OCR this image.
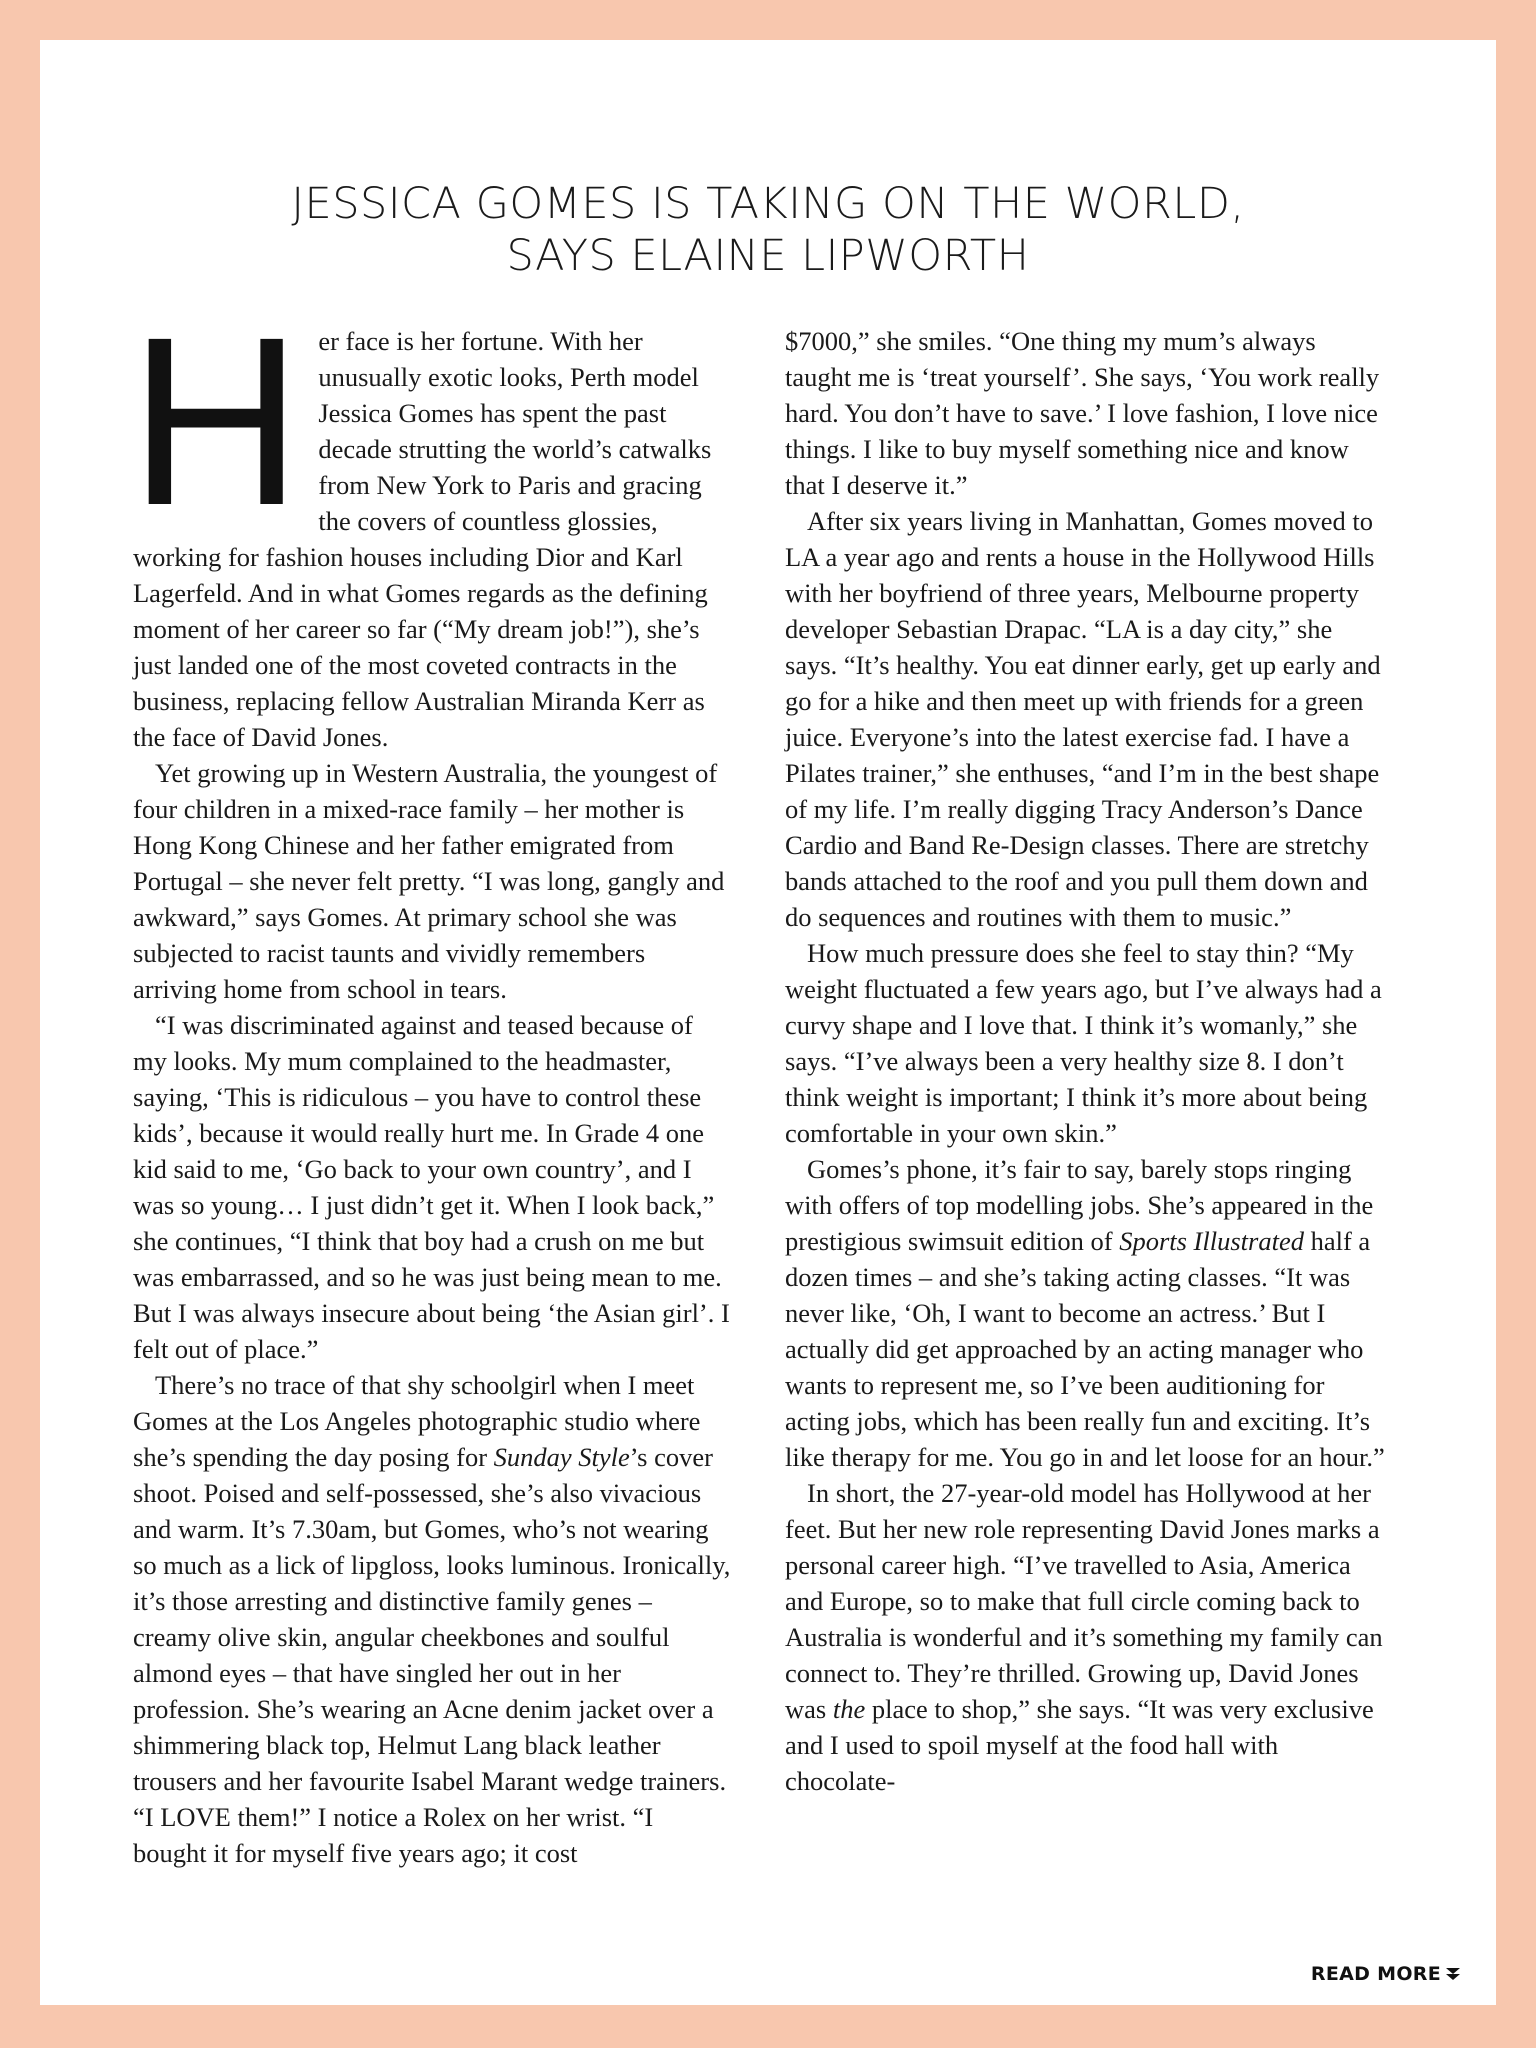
JESSICA GOMES IS TAKING ON THE WORLD,
SAYS ELAINE LIPWORTH

Her face is her fortune. With her unusually exotic looks, Perth model Jessica Gomes has spent the past decade strutting the world’s catwalks from New York to Paris and gracing the covers of countless glossies, working for fashion houses including Dior and Karl Lagerfeld. And in what Gomes regards as the defining moment of her career so far (“My dream job!”), she’s just landed one of the most coveted contracts in the business, replacing fellow Australian Miranda Kerr as the face of David Jones.

Yet growing up in Western Australia, the youngest of four children in a mixed-race family – her mother is Hong Kong Chinese and her father emigrated from Portugal – she never felt pretty. “I was long, gangly and awkward,” says Gomes. At primary school she was subjected to racist taunts and vividly remembers arriving home from school in tears.

“I was discriminated against and teased because of my looks. My mum complained to the headmaster, saying, ‘This is ridiculous – you have to control these kids’, because it would really hurt me. In Grade 4 one kid said to me, ‘Go back to your own country’, and I was so young… I just didn’t get it. When I look back,” she continues, “I think that boy had a crush on me but was embarrassed, and so he was just being mean to me. But I was always insecure about being ‘the Asian girl’. I felt out of place.”

There’s no trace of that shy schoolgirl when I meet Gomes at the Los Angeles photographic studio where she’s spending the day posing for Sunday Style’s cover shoot. Poised and self-possessed, she’s also vivacious and warm. It’s 7.30am, but Gomes, who’s not wearing so much as a lick of lipgloss, looks luminous. Ironically, it’s those arresting and distinctive family genes – creamy olive skin, angular cheekbones and soulful almond eyes – that have singled her out in her profession. She’s wearing an Acne denim jacket over a shimmering black top, Helmut Lang black leather trousers and her favourite Isabel Marant wedge trainers. “I LOVE them!” I notice a Rolex on her wrist. “I bought it for myself five years ago; it cost

$7000,” she smiles. “One thing my mum’s always taught me is ‘treat yourself’. She says, ‘You work really hard. You don’t have to save.’ I love fashion, I love nice things. I like to buy myself something nice and know that I deserve it.”

After six years living in Manhattan, Gomes moved to LA a year ago and rents a house in the Hollywood Hills with her boyfriend of three years, Melbourne property developer Sebastian Drapac. “LA is a day city,” she says. “It’s healthy. You eat dinner early, get up early and go for a hike and then meet up with friends for a green juice. Everyone’s into the latest exercise fad. I have a Pilates trainer,” she enthuses, “and I’m in the best shape of my life. I’m really digging Tracy Anderson’s Dance Cardio and Band Re-Design classes. There are stretchy bands attached to the roof and you pull them down and do sequences and routines with them to music.”

How much pressure does she feel to stay thin? “My weight fluctuated a few years ago, but I’ve always had a curvy shape and I love that. I think it’s womanly,” she says. “I’ve always been a very healthy size 8. I don’t think weight is important; I think it’s more about being comfortable in your own skin.”

Gomes’s phone, it’s fair to say, barely stops ringing with offers of top modelling jobs. She’s appeared in the prestigious swimsuit edition of Sports Illustrated half a dozen times – and she’s taking acting classes. “It was never like, ‘Oh, I want to become an actress.’ But I actually did get approached by an acting manager who wants to represent me, so I’ve been auditioning for acting jobs, which has been really fun and exciting. It’s like therapy for me. You go in and let loose for an hour.”

In short, the 27-year-old model has Hollywood at her feet. But her new role representing David Jones marks a personal career high. “I’ve travelled to Asia, America and Europe, so to make that full circle coming back to Australia is wonderful and it’s something my family can connect to. They’re thrilled. Growing up, David Jones was the place to shop,” she says. “It was very exclusive and I used to spoil myself at the food hall with chocolate-

READ MORE
